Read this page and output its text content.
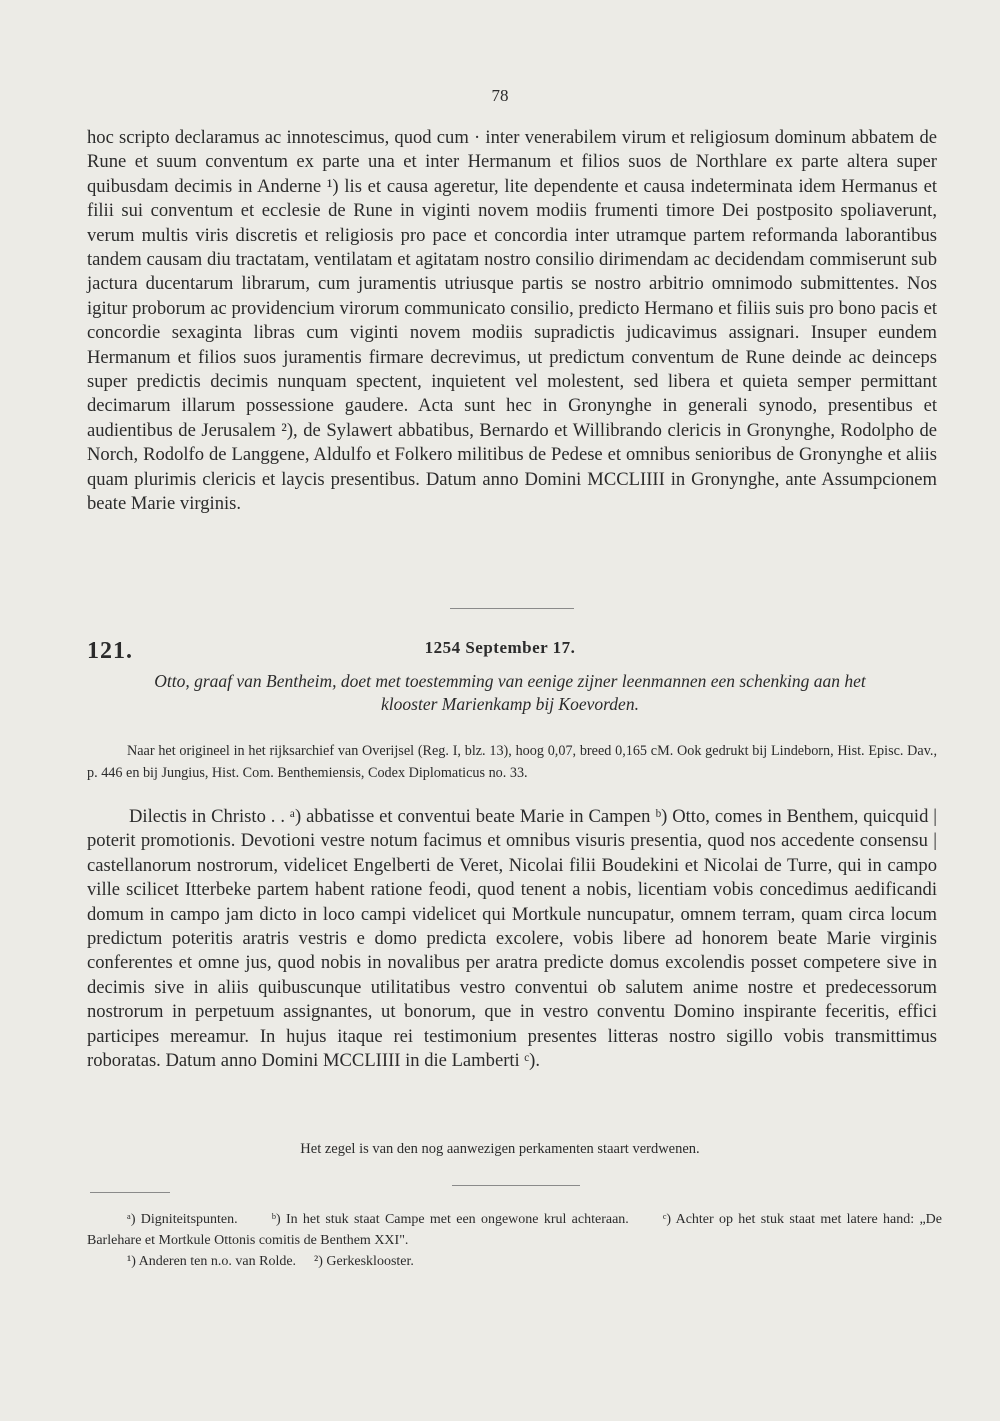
78

hoc scripto declaramus ac innotescimus, quod cum · inter venerabilem virum et religiosum dominum abbatem de Rune et suum conventum ex parte una et inter Hermanum et filios suos de Northlare ex parte altera super quibusdam decimis in Anderne ¹) lis et causa ageretur, lite dependente et causa indeterminata idem Hermanus et filii sui conventum et ecclesie de Rune in viginti novem modiis frumenti timore Dei postposito spoliaverunt, verum multis viris discretis et religiosis pro pace et concordia inter utramque partem reformanda laborantibus tandem causam diu tractatam, ventilatam et agitatam nostro consilio dirimendam ac decidendam commiserunt sub jactura ducentarum librarum, cum juramentis utriusque partis se nostro arbitrio omnimodo submittentes. Nos igitur proborum ac providencium virorum communicato consilio, predicto Hermano et filiis suis pro bono pacis et concordie sexaginta libras cum viginti novem modiis supradictis judicavimus assignari. Insuper eundem Hermanum et filios suos juramentis firmare decrevimus, ut predictum conventum de Rune deinde ac deinceps super predictis decimis nunquam spectent, inquietent vel molestent, sed libera et quieta semper permittant decimarum illarum possessione gaudere. Acta sunt hec in Gronynghe in generali synodo, presentibus et audientibus de Jerusalem ²), de Sylawert abbatibus, Bernardo et Willibrando clericis in Gronynghe, Rodolpho de Norch, Rodolfo de Langgene, Aldulfo et Folkero militibus de Pedese et omnibus senioribus de Gronynghe et aliis quam plurimis clericis et laycis presentibus. Datum anno Domini MCCLIIII in Gronynghe, ante Assumpcionem beate Marie virginis.

121.	1254 September 17.
Otto, graaf van Bentheim, doet met toestemming van eenige zijner leenmannen een schenking aan het klooster Marienkamp bij Koevorden.
Naar het origineel in het rijksarchief van Overijsel (Reg. I, blz. 13), hoog 0,07, breed 0,165 cM. Ook gedrukt bij Lindeborn, Hist. Episc. Dav., p. 446 en bij Jungius, Hist. Com. Benthemiensis, Codex Diplomaticus no. 33.

Dilectis in Christo . . ᵃ) abbatisse et conventui beate Marie in Campen ᵇ) Otto, comes in Benthem, quicquid | poterit promotionis. Devotioni vestre notum facimus et omnibus visuris presentia, quod nos accedente consensu | castellanorum nostrorum, videlicet Engelberti de Veret, Nicolai filii Boudekini et Nicolai de Turre, qui in campo ville scilicet Itterbeke partem habent ratione feodi, quod tenent a nobis, licentiam vobis concedimus aedificandi domum in campo jam dicto in loco campi videlicet qui Mortkule nuncupatur, omnem terram, quam circa locum predictum poteritis aratris vestris e domo predicta excolere, vobis libere ad honorem beate Marie virginis conferentes et omne jus, quod nobis in novalibus per aratra predicte domus excolendis posset competere sive in decimis sive in aliis quibuscunque utilitatibus vestro conventui ob salutem anime nostre et predecessorum nostrorum in perpetuum assignantes, ut bonorum, que in vestro conventu Domino inspirante feceritis, effici participes mereamur. In hujus itaque rei testimonium presentes litteras nostro sigillo vobis transmittimus roboratas. Datum anno Domini MCCLIIII in die Lamberti ᶜ).

Het zegel is van den nog aanwezigen perkamenten staart verdwenen.

ᵃ) Digniteitspunten. ᵇ) In het stuk staat Campe met een ongewone krul achteraan. ᶜ) Achter op het stuk staat met latere hand: „De Barlehare et Mortkule Ottonis comitis de Benthem XXI".

¹) Anderen ten n.o. van Rolde. ²) Gerkesklooster.
